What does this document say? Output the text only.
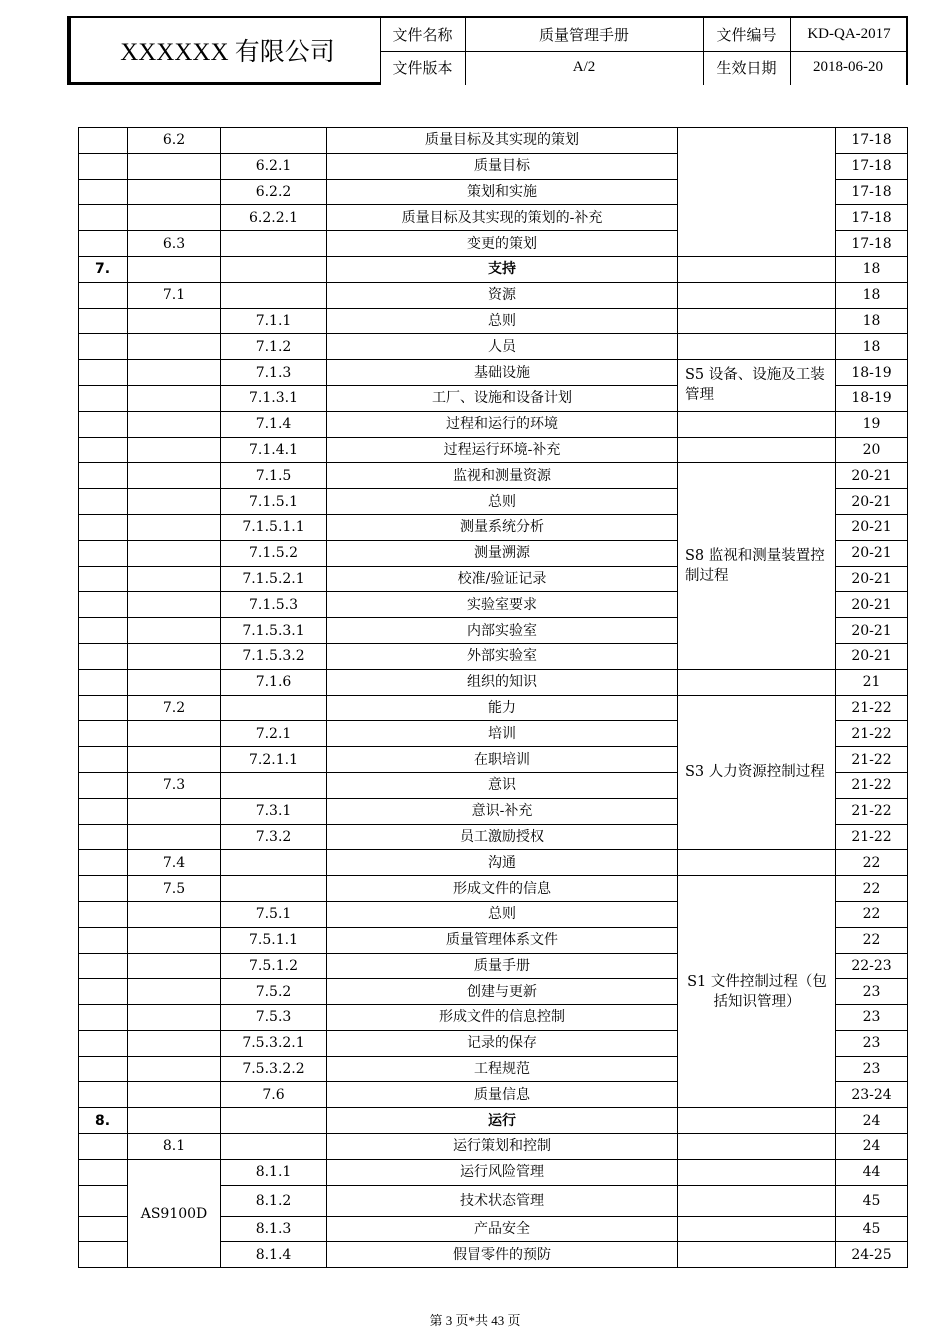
XXXXXX 有限公司
文件名称	质量管理手册	文件编号	KD-QA-2017
文件版本	A/2	生效日期	2018-06-20
	6.2		质量目标及其实现的策划		17-18
		6.2.1	质量目标		17-18
		6.2.2	策划和实施		17-18
		6.2.2.1	质量目标及其实现的策划的-补充		17-18
	6.3		变更的策划		17-18
7.			支持		18
	7.1		资源		18
		7.1.1	总则		18
		7.1.2	人员		18
		7.1.3	基础设施	S5 设备、设施及工装管理	18-19
		7.1.3.1	工厂、设施和设备计划		18-19
		7.1.4	过程和运行的环境		19
		7.1.4.1	过程运行环境-补充		20
		7.1.5	监视和测量资源	S8 监视和测量装置控制过程	20-21
		7.1.5.1	总则		20-21
		7.1.5.1.1	测量系统分析		20-21
		7.1.5.2	测量溯源		20-21
		7.1.5.2.1	校准/验证记录		20-21
		7.1.5.3	实验室要求		20-21
		7.1.5.3.1	内部实验室		20-21
		7.1.5.3.2	外部实验室		20-21
		7.1.6	组织的知识		21
	7.2		能力	S3 人力资源控制过程	21-22
		7.2.1	培训		21-22
		7.2.1.1	在职培训		21-22
	7.3		意识		21-22
		7.3.1	意识-补充		21-22
		7.3.2	员工激励授权		21-22
	7.4		沟通		22
	7.5		形成文件的信息	S1 文件控制过程（包括知识管理）	22
		7.5.1	总则		22
		7.5.1.1	质量管理体系文件		22
		7.5.1.2	质量手册		22-23
		7.5.2	创建与更新		23
		7.5.3	形成文件的信息控制		23
		7.5.3.2.1	记录的保存		23
		7.5.3.2.2	工程规范		23
		7.6	质量信息		23-24
8.			运行		24
	8.1		运行策划和控制		24
	AS9100D	8.1.1	运行风险管理		44
		8.1.2	技术状态管理		45
		8.1.3	产品安全		45
		8.1.4	假冒零件的预防		24-25
第 3 页*共 43 页
